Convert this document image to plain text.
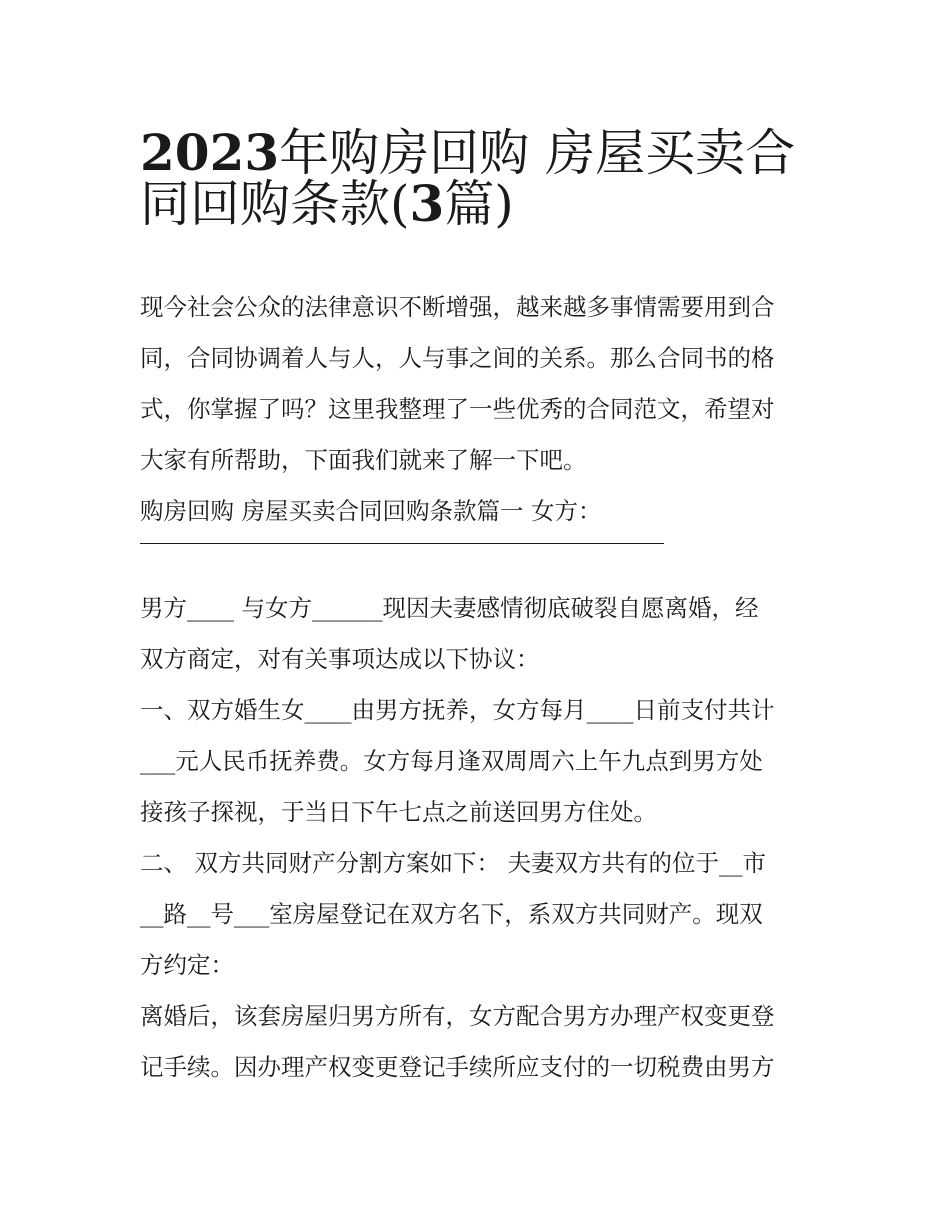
2023年购房回购 房屋买卖合
同回购条款(3篇)
现今社会公众的法律意识不断增强，越来越多事情需要用到合
同，合同协调着人与人，人与事之间的关系。那么合同书的格
式，你掌握了吗？这里我整理了一些优秀的合同范文，希望对
大家有所帮助，下面我们就来了解一下吧。
购房回购 房屋买卖合同回购条款篇一 女方：
男方____ 与女方______现因夫妻感情彻底破裂自愿离婚，经
双方商定，对有关事项达成以下协议：
一、双方婚生女____由男方抚养，女方每月____日前支付共计
___元人民币抚养费。女方每月逢双周周六上午九点到男方处
接孩子探视，于当日下午七点之前送回男方住处。
二、 双方共同财产分割方案如下： 夫妻双方共有的位于__市
__路__号___室房屋登记在双方名下，系双方共同财产。现双
方约定：
离婚后，该套房屋归男方所有，女方配合男方办理产权变更登
记手续。因办理产权变更登记手续所应支付的一切税费由男方
